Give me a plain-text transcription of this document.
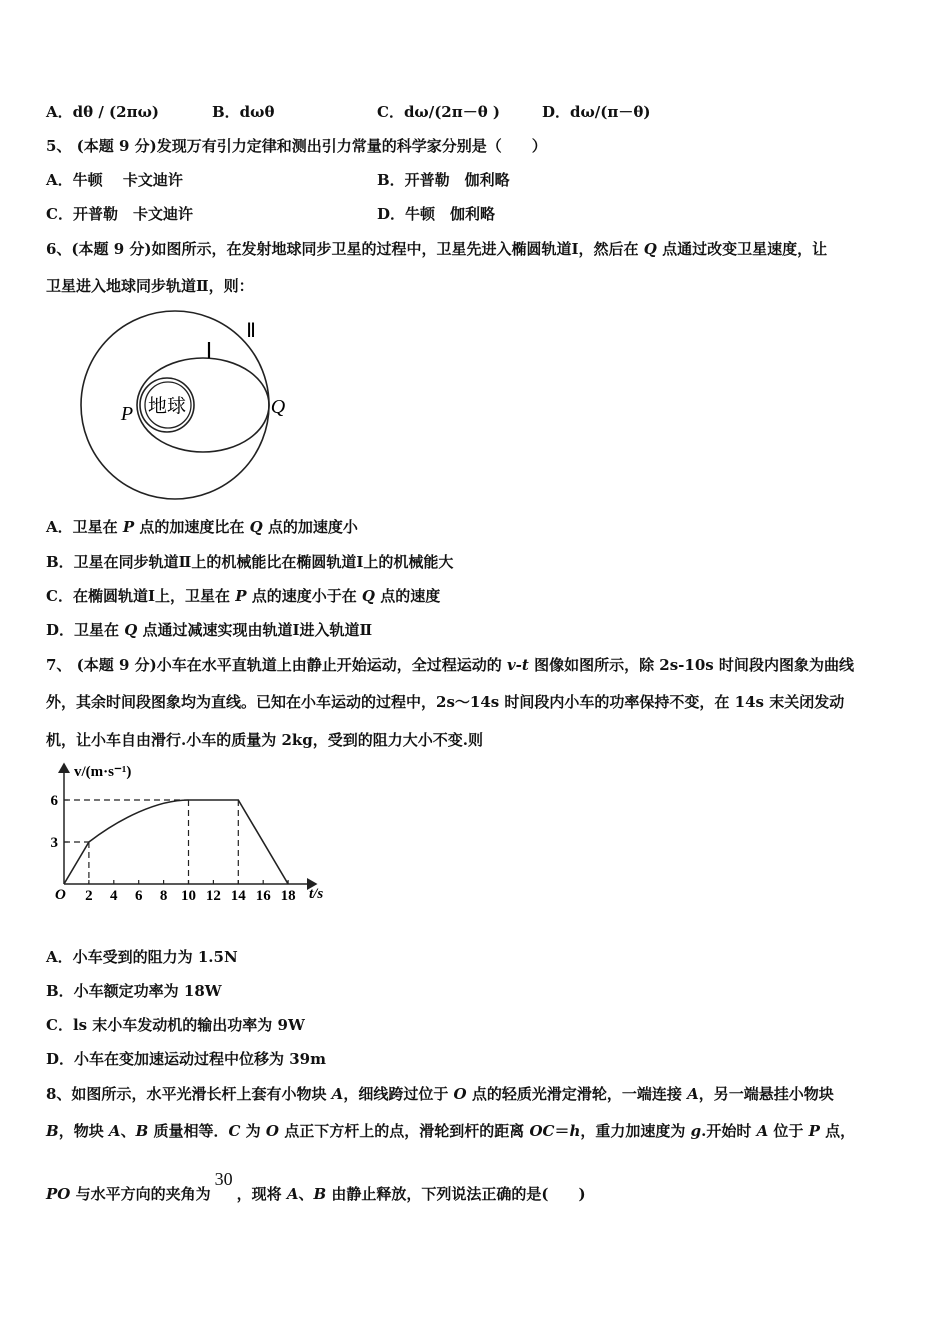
A．dθ / (2πω)	B．dωθ	C．dω/(2π－θ )	D．dω/(π－θ)
5、 (本题 9 分)发现万有引力定律和测出引力常量的科学家分别是（　　）
A．牛顿　 卡文迪许	B．开普勒　伽利略
C．开普勒　卡文迪许	D．牛顿　伽利略
6、(本题 9 分)如图所示，在发射地球同步卫星的过程中，卫星先进入椭圆轨道Ⅰ，然后在 Q 点通过改变卫星速度，让
卫星进入地球同步轨道Ⅱ，则：
地球
Ⅰ
Ⅱ
P	Q
A．卫星在 P 点的加速度比在 Q 点的加速度小
B．卫星在同步轨道Ⅱ上的机械能比在椭圆轨道Ⅰ上的机械能大
C．在椭圆轨道Ⅰ上，卫星在 P 点的速度小于在 Q 点的速度
D．卫星在 Q 点通过减速实现由轨道Ⅰ进入轨道Ⅱ
7、 (本题 9 分)小车在水平直轨道上由静止开始运动，全过程运动的 v-t 图像如图所示，除 2s-10s 时间段内图象为曲线
外，其余时间段图象均为直线。已知在小车运动的过程中，2s～14s 时间段内小车的功率保持不变，在 14s 末关闭发动
机，让小车自由滑行.小车的质量为 2kg，受到的阻力大小不变.则
v/(m·s⁻¹)
t/s
O 2 4 6 8 10 12 14 16 18
3
6
A．小车受到的阻力为 1.5N
B．小车额定功率为 18W
C．ls 末小车发动机的输出功率为 9W
D．小车在变加速运动过程中位移为 39m
8、如图所示，水平光滑长杆上套有小物块 A，细线跨过位于 O 点的轻质光滑定滑轮，一端连接 A，另一端悬挂小物块
B，物块 A、B 质量相等．C 为 O 点正下方杆上的点，滑轮到杆的距离 OC＝h，重力加速度为 g.开始时 A 位于 P 点，
PO 与水平方向的夹角为30，现将 A、B 由静止释放，下列说法正确的是(　　)
